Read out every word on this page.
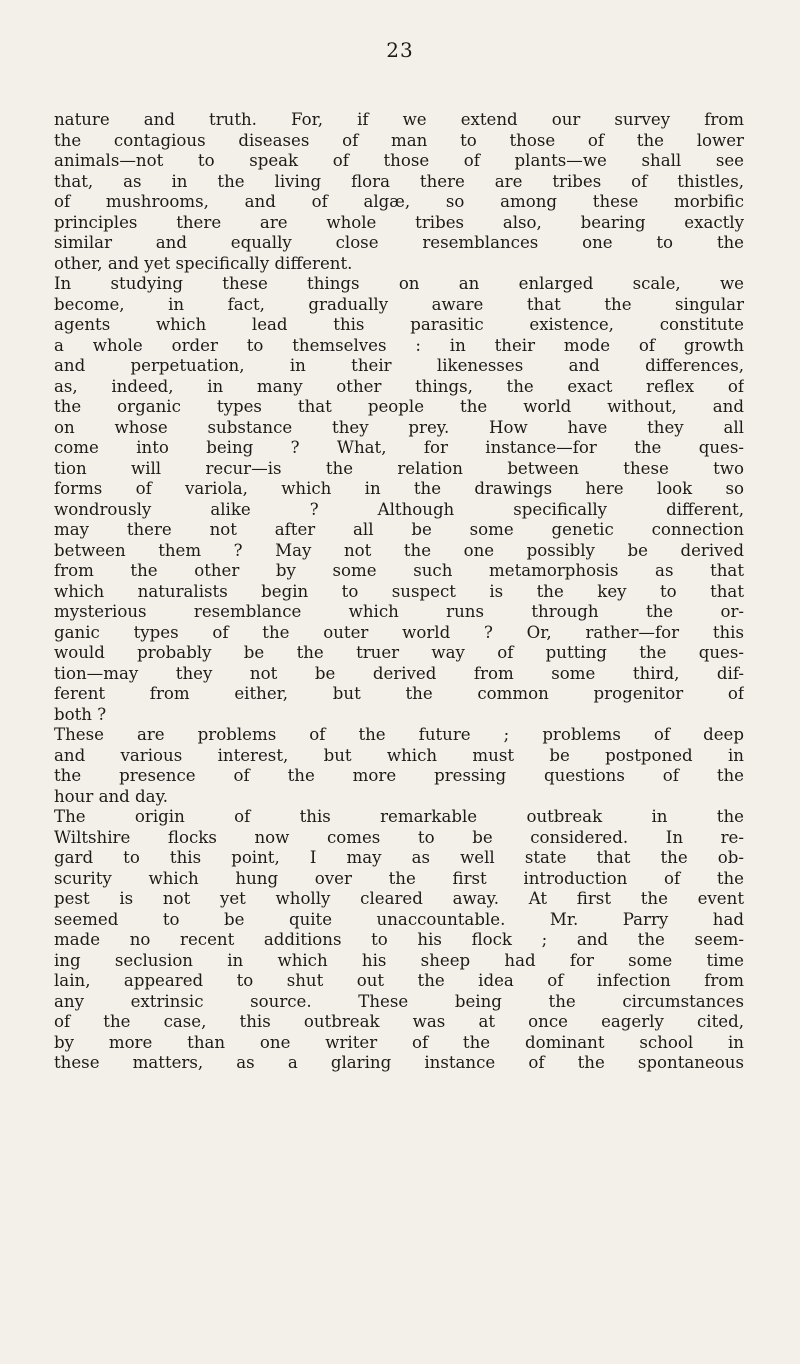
23
nature and truth. For, if we extend our survey from
the contagious diseases of man to those of the lower
animals—not to speak of those of plants—we shall see
that, as in the living flora there are tribes of thistles,
of mushrooms, and of algæ, so among these morbific
principles there are whole tribes also, bearing exactly
similar and equally close resemblances one to the
other, and yet specifically different.
In studying these things on an enlarged scale, we
become, in fact, gradually aware that the singular
agents which lead this parasitic existence, constitute
a whole order to themselves : in their mode of growth
and perpetuation, in their likenesses and differences,
as, indeed, in many other things, the exact reflex of
the organic types that people the world without, and
on whose substance they prey. How have they all
come into being ? What, for instance—for the ques-
tion will recur—is the relation between these two
forms of variola, which in the drawings here look so
wondrously alike ? Although specifically different,
may there not after all be some genetic connection
between them ? May not the one possibly be derived
from the other by some such metamorphosis as that
which naturalists begin to suspect is the key to that
mysterious resemblance which runs through the or-
ganic types of the outer world ? Or, rather—for this
would probably be the truer way of putting the ques-
tion—may they not be derived from some third, dif-
ferent from either, but the common progenitor of
both ?
These are problems of the future ; problems of deep
and various interest, but which must be postponed in
the presence of the more pressing questions of the
hour and day.
The origin of this remarkable outbreak in the
Wiltshire flocks now comes to be considered. In re-
gard to this point, I may as well state that the ob-
scurity which hung over the first introduction of the
pest is not yet wholly cleared away. At first the event
seemed to be quite unaccountable. Mr. Parry had
made no recent additions to his flock ; and the seem-
ing seclusion in which his sheep had for some time
lain, appeared to shut out the idea of infection from
any extrinsic source. These being the circumstances
of the case, this outbreak was at once eagerly cited,
by more than one writer of the dominant school in
these matters, as a glaring instance of the spontaneous
